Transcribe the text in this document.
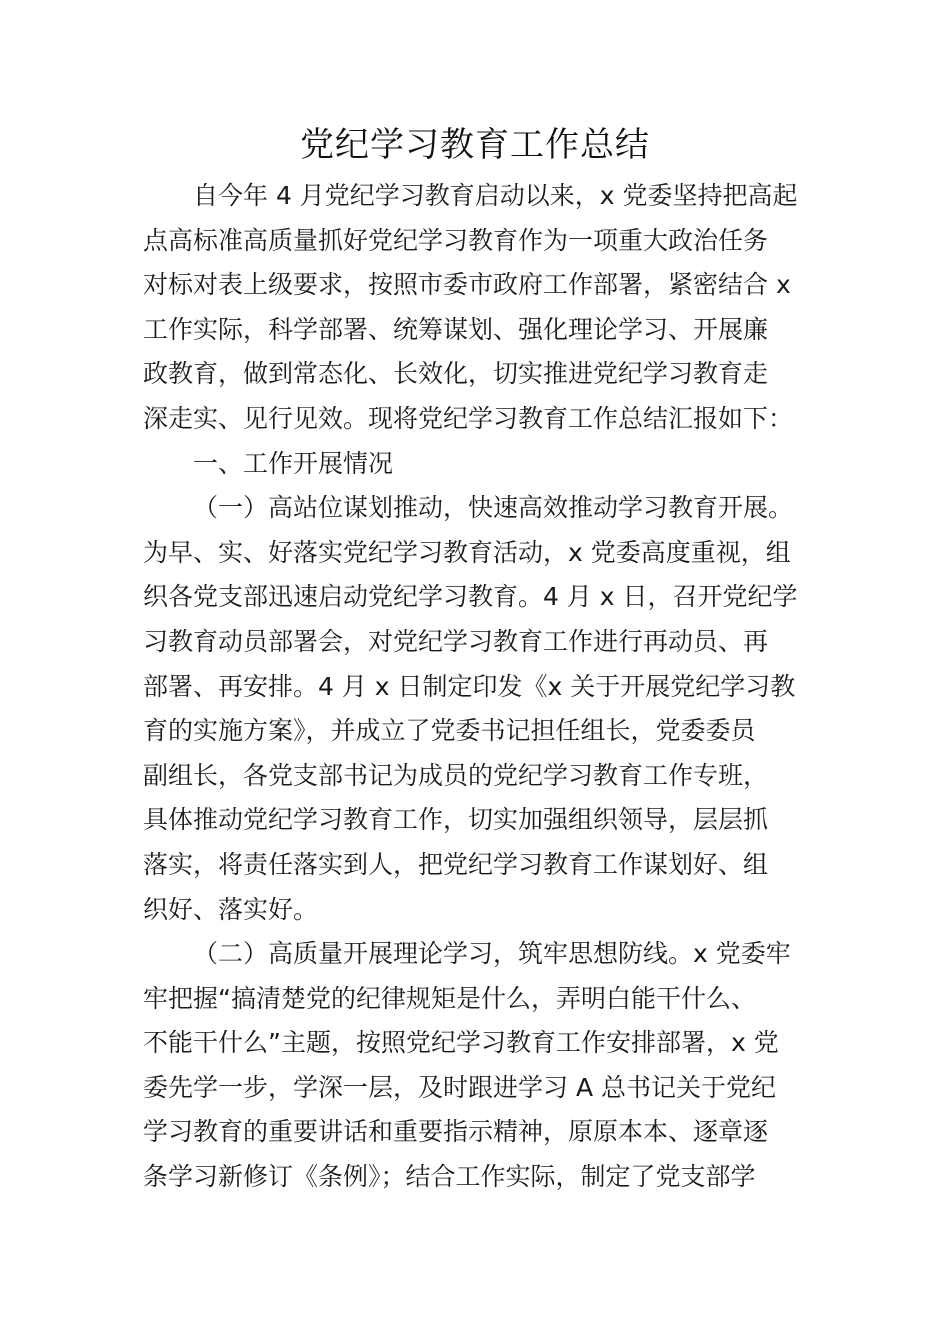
党纪学习教育工作总结
自今年 4 月党纪学习教育启动以来，x 党委坚持把高起
点高标准高质量抓好党纪学习教育作为一项重大政治任务
对标对表上级要求，按照市委市政府工作部署，紧密结合 x
工作实际，科学部署、统筹谋划、强化理论学习、开展廉
政教育，做到常态化、长效化，切实推进党纪学习教育走
深走实、见行见效。现将党纪学习教育工作总结汇报如下：
一、工作开展情况
（一）高站位谋划推动，快速高效推动学习教育开展。
为早、实、好落实党纪学习教育活动，x 党委高度重视，组
织各党支部迅速启动党纪学习教育。4 月 x 日，召开党纪学
习教育动员部署会，对党纪学习教育工作进行再动员、再
部署、再安排。4 月 x 日制定印发《x 关于开展党纪学习教
育的实施方案》，并成立了党委书记担任组长，党委委员
副组长，各党支部书记为成员的党纪学习教育工作专班，
具体推动党纪学习教育工作，切实加强组织领导，层层抓
落实，将责任落实到人，把党纪学习教育工作谋划好、组
织好、落实好。
（二）高质量开展理论学习，筑牢思想防线。x 党委牢
牢把握“搞清楚党的纪律规矩是什么，弄明白能干什么、
不能干什么”主题，按照党纪学习教育工作安排部署，x 党
委先学一步，学深一层，及时跟进学习 A 总书记关于党纪
学习教育的重要讲话和重要指示精神，原原本本、逐章逐
条学习新修订《条例》；结合工作实际，制定了党支部学
